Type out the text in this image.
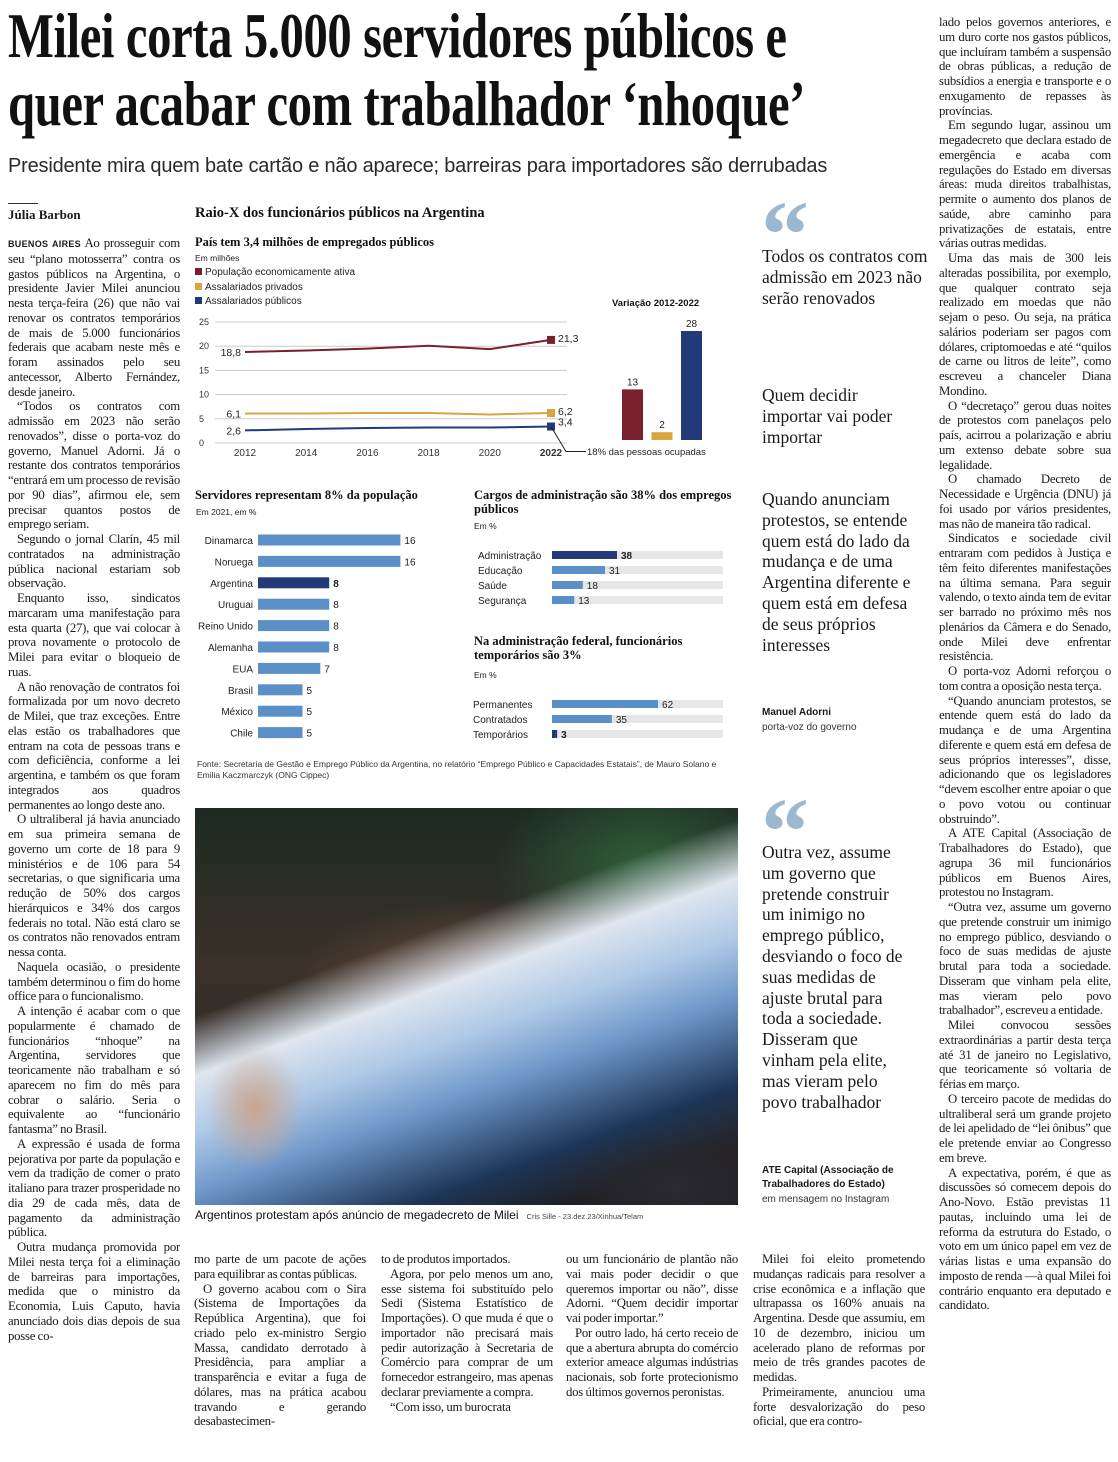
Milei corta 5.000 servidores públicos e
quer acabar com trabalhador ‘nhoque’
Presidente mira quem bate cartão e não aparece; barreiras para importadores são derrubadas
Júlia Barbon

BUENOS AIRES Ao prosseguir com seu “plano motosserra” contra os gastos públicos na Argentina, o presidente Javier Milei anunciou nesta terça-feira (26) que não vai renovar os contratos temporários de mais de 5.000 funcionários federais que acabam neste mês e foram assinados pelo seu antecessor, Alberto Fernández, desde janeiro.

“Todos os contratos com admissão em 2023 não serão renovados”, disse o porta-voz do governo, Manuel Adorni. Já o restante dos contratos temporários “entrará em um processo de revisão por 90 dias”, afirmou ele, sem precisar quantos postos de emprego seriam.

Segundo o jornal Clarín, 45 mil contratados na administração pública nacional estariam sob observação.

Enquanto isso, sindicatos marcaram uma manifestação para esta quarta (27), que vai colocar à prova novamente o protocolo de Milei para evitar o bloqueio de ruas.

A não renovação de contratos foi formalizada por um novo decreto de Milei, que traz exceções. Entre elas estão os trabalhadores que entram na cota de pessoas trans e com deficiência, conforme a lei argentina, e também os que foram integrados aos quadros permanentes ao longo deste ano.

O ultraliberal já havia anunciado em sua primeira semana de governo um corte de 18 para 9 ministérios e de 106 para 54 secretarias, o que significaria uma redução de 50% dos cargos hierárquicos e 34% dos cargos federais no total. Não está claro se os contratos não renovados entram nessa conta.

Naquela ocasião, o presidente também determinou o fim do home office para o funcionalismo.

A intenção é acabar com o que popularmente é chamado de funcionários “nhoque” na Argentina, servidores que teoricamente não trabalham e só aparecem no fim do mês para cobrar o salário. Seria o equivalente ao “funcionário fantasma” no Brasil.

A expressão é usada de forma pejorativa por parte da população e vem da tradição de comer o prato italiano para trazer prosperidade no dia 29 de cada mês, data de pagamento da administração pública.

Outra mudança promovida por Milei nesta terça foi a eliminação de barreiras para importações, medida que o ministro da Economia, Luis Caputo, havia anunciado dois dias depois de sua posse co-

mo parte de um pacote de ações para equilibrar as contas públicas.

O governo acabou com o Sira (Sistema de Importações da República Argentina), que foi criado pelo ex-ministro Sergio Massa, candidato derrotado à Presidência, para ampliar a transparência e evitar a fuga de dólares, mas na prática acabou travando e gerando desabastecimen-

to de produtos importados.

Agora, por pelo menos um ano, esse sistema foi substituído pelo Sedi (Sistema Estatístico de Importações). O que muda é que o importador não precisará mais pedir autorização à Secretaria de Comércio para comprar de um fornecedor estrangeiro, mas apenas declarar previamente a compra.

“Com isso, um burocrata

ou um funcionário de plantão não vai mais poder decidir o que queremos importar ou não”, disse Adorni. “Quem decidir importar vai poder importar.”

Por outro lado, há certo receio de que a abertura abrupta do comércio exterior ameace algumas indústrias nacionais, sob forte protecionismo dos últimos governos peronistas.

Milei foi eleito prometendo mudanças radicais para resolver a crise econômica e a inflação que ultrapassa os 160% anuais na Argentina. Desde que assumiu, em 10 de dezembro, iniciou um acelerado plano de reformas por meio de três grandes pacotes de medidas.

Primeiramente, anunciou uma forte desvalorização do peso oficial, que era contro-

lado pelos governos anteriores, e um duro corte nos gastos públicos, que incluíram também a suspensão de obras públicas, a redução de subsídios a energia e transporte e o enxugamento de repasses às províncias.

Em segundo lugar, assinou um megadecreto que declara estado de emergência e acaba com regulações do Estado em diversas áreas: muda direitos trabalhistas, permite o aumento dos planos de saúde, abre caminho para privatizações de estatais, entre várias outras medidas.

Uma das mais de 300 leis alteradas possibilita, por exemplo, que qualquer contrato seja realizado em moedas que não sejam o peso. Ou seja, na prática salários poderiam ser pagos com dólares, criptomoedas e até “quilos de carne ou litros de leite”, como escreveu a chanceler Diana Mondino.

O “decretaço” gerou duas noites de protestos com panelaços pelo país, acirrou a polarização e abriu um extenso debate sobre sua legalidade.

O chamado Decreto de Necessidade e Urgência (DNU) já foi usado por vários presidentes, mas não de maneira tão radical.

Sindicatos e sociedade civil entraram com pedidos à Justiça e têm feito diferentes manifestações na última semana. Para seguir valendo, o texto ainda tem de evitar ser barrado no próximo mês nos plenários da Câmera e do Senado, onde Milei deve enfrentar resistência.

O porta-voz Adorni reforçou o tom contra a oposição nesta terça.

“Quando anunciam protestos, se entende quem está do lado da mudança e de uma Argentina diferente e quem está em defesa de seus próprios interesses”, disse, adicionando que os legisladores “devem escolher entre apoiar o que o povo votou ou continuar obstruindo”.

A ATE Capital (Associação de Trabalhadores do Estado), que agrupa 36 mil funcionários públicos em Buenos Aires, protestou no Instagram.

“Outra vez, assume um governo que pretende construir um inimigo no emprego público, desviando o foco de suas medidas de ajuste brutal para toda a sociedade. Disseram que vinham pela elite, mas vieram pelo povo trabalhador”, escreveu a entidade.

Milei convocou sessões extraordinárias a partir desta terça até 31 de janeiro no Legislativo, que teoricamente só voltaria de férias em março.

O terceiro pacote de medidas do ultraliberal será um grande projeto de lei apelidado de “lei ônibus” que ele pretende enviar ao Congresso em breve.

A expectativa, porém, é que as discussões só comecem depois do Ano-Novo. Estão previstas 11 pautas, incluindo uma lei de reforma da estrutura do Estado, o voto em um único papel em vez de várias listas e uma expansão do imposto de renda —à qual Milei foi contrário enquanto era deputado e candidato.

Raio-X dos funcionários públicos na Argentina
País tem 3,4 milhões de empregados públicos
Em milhões
População economicamente ativa
Assalariados privados
Assalariados públicos
0
5
10
15
20
25
2012	2014	2016	2018	2020	2022
18,8
21,3
6,1	6,2
2,6
3,4
18% das pessoas ocupadas
Variação 2012-2022
13
2
28
Servidores representam 8% da população
Em 2021, em %
Dinamarca	16
Noruega	16
Argentina	8
Uruguai	8
Reino Unido	8
Alemanha	8
EUA	7
Brasil	5
México	5
Chile	5
Cargos de administração são 38% dos empregos públicos
Em %
Administração	38
Educação	31
Saúde	18
Segurança	13
Na administração federal, funcionários temporários são 3%
Em %
Permanentes	62
Contratados	35
Temporários	3
Fonte: Secretaria de Gestão e Emprego Público da Argentina, no relatório “Emprego Público e Capacidades Estatais”, de Mauro Solano e Emilia Kaczmarczyk (ONG Cippec)
Todos os contratos com admissão em 2023 não serão renovados
Quem decidir importar vai poder importar
Quando anunciam protestos, se entende quem está do lado da mudança e de uma Argentina diferente e quem está em defesa de seus próprios interesses
Manuel Adorni
porta-voz do governo
Outra vez, assume um governo que pretende construir um inimigo no emprego público, desviando o foco de suas medidas de ajuste brutal para toda a sociedade. Disseram que vinham pela elite, mas vieram pelo povo trabalhador
ATE Capital (Associação de Trabalhadores do Estado)
em mensagem no Instagram
Argentinos protestam após anúncio de megadecreto de Milei Cris Sille - 23.dez.23/Xinhua/Telam
